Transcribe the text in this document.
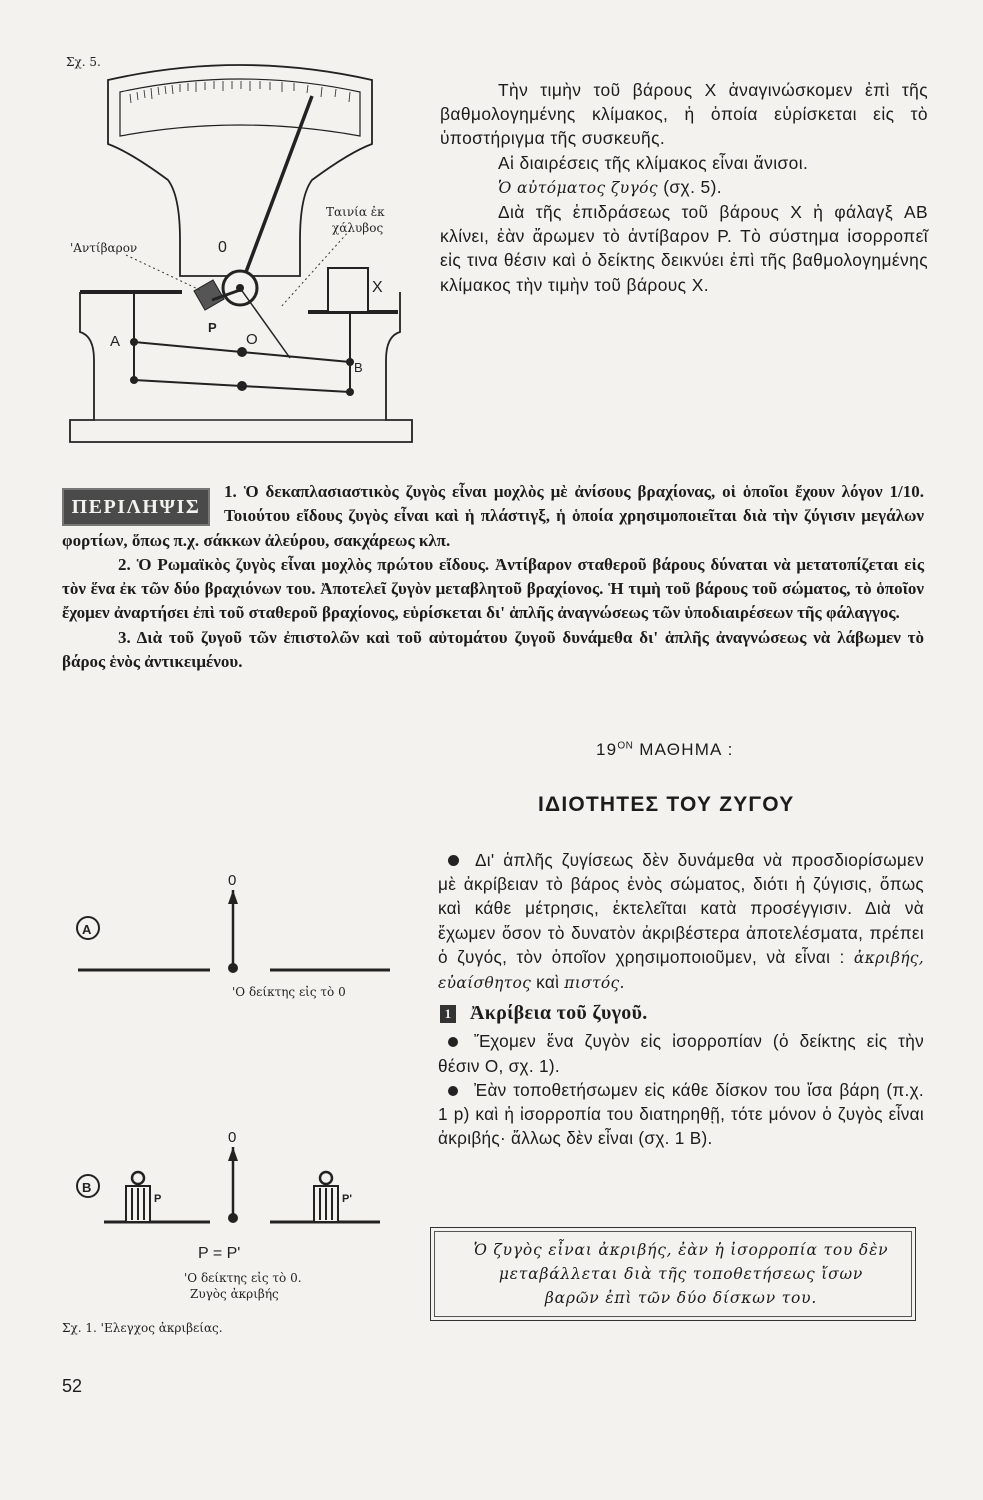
Σχ. 5.
0
P
'Αντίβαρον
Ταινία ἐκ
χάλυβος
X
A	O
B

Τὴν τιμὴν τοῦ βάρους X ἀναγινώσκομεν ἐπὶ τῆς βαθμολογημένης κλίμακος, ἡ ὁποία εὑρίσκεται εἰς τὸ ὑποστήριγμα τῆς συσκευῆς.

Αἱ διαιρέσεις τῆς κλίμακος εἶναι ἄνισοι.

Ὁ αὐτόματος ζυγός (σχ. 5).

Διὰ τῆς ἐπιδράσεως τοῦ βάρους X ἡ φάλαγξ AB κλίνει, ἐὰν ἄρωμεν τὸ ἀντίβαρον P. Τὸ σύστημα ἰσορροπεῖ εἰς τινα θέσιν καὶ ὁ δείκτης δεικνύει ἐπὶ τῆς βαθμολογημένης κλίμακος τὴν τιμὴν τοῦ βάρους X.

ΠΕΡΙΛΗΨΙΣ

1. Ὁ δεκαπλασιαστικὸς ζυγὸς εἶναι μοχλὸς μὲ ἀνίσους βραχίονας, οἱ ὁποῖοι ἔχουν λόγον 1/10. Τοιούτου εἴδους ζυγὸς εἶναι καὶ ἡ πλάστιγξ, ἡ ὁποία χρησιμοποιεῖται διὰ τὴν ζύγισιν μεγάλων φορτίων, ὅπως π.χ. σάκκων ἀλεύρου, σακχάρεως κλπ.

2. Ὁ Ρωμαϊκὸς ζυγὸς εἶναι μοχλὸς πρώτου εἴδους. Ἀντίβαρον σταθεροῦ βάρους δύναται νὰ μετατοπίζεται εἰς τὸν ἕνα ἐκ τῶν δύο βραχιόνων του. Ἀποτελεῖ ζυγὸν μεταβλητοῦ βραχίονος. Ἡ τιμὴ τοῦ βάρους τοῦ σώματος, τὸ ὁποῖον ἔχομεν ἀναρτήσει ἐπὶ τοῦ σταθεροῦ βραχίονος, εὑρίσκεται δι' ἁπλῆς ἀναγνώσεως τῶν ὑποδιαιρέσεων τῆς φάλαγγος.

3. Διὰ τοῦ ζυγοῦ τῶν ἐπιστολῶν καὶ τοῦ αὐτομάτου ζυγοῦ δυνάμεθα δι' ἁπλῆς ἀναγνώσεως νὰ λάβωμεν τὸ βάρος ἑνὸς ἀντικειμένου.

$19^{ON}$ ΜΑΘΗΜΑ :
ΙΔΙΟΤΗΤΕΣ ΤΟΥ ΖΥΓΟΥ
A
0
'Ο δείκτης εἰς τὸ 0
0
B
P	P'
P = P'
'Ο δείκτης εἰς τὸ 0.
Ζυγὸς ἀκριβής
Σχ. 1. 'Ελεγχος ἀκριβείας.

Δι' ἁπλῆς ζυγίσεως δὲν δυνάμεθα νὰ προσδιορίσωμεν μὲ ἀκρίβειαν τὸ βάρος ἑνὸς σώματος, διότι ἡ ζύγισις, ὅπως καὶ κάθε μέτρησις, ἐκτελεῖται κατὰ προσέγγισιν. Διὰ νὰ ἔχωμεν ὅσον τὸ δυνατὸν ἀκριβέστερα ἀποτελέσματα, πρέπει ὁ ζυγός, τὸν ὁποῖον χρησιμοποιοῦμεν, νὰ εἶναι : ἀκριβής, εὐαίσθητος καὶ πιστός.

1 Ἀκρίβεια τοῦ ζυγοῦ.

Ἔχομεν ἕνα ζυγὸν εἰς ἰσορροπίαν (ὁ δείκτης εἰς τὴν θέσιν Ο, σχ. 1).

Ἐὰν τοποθετήσωμεν εἰς κάθε δίσκον του ἴσα βάρη (π.χ. 1 p) καὶ ἡ ἰσορροπία του διατηρηθῇ, τότε μόνον ὁ ζυγὸς εἶναι ἀκριβής· ἄλλως δὲν εἶναι (σχ. 1 B).

Ὁ ζυγὸς εἶναι ἀκριβής, ἐὰν ἡ ἰσορροπία του δὲν μεταβάλλεται διὰ τῆς τοποθετήσεως ἴσων βαρῶν ἐπὶ τῶν δύο δίσκων του.
52
